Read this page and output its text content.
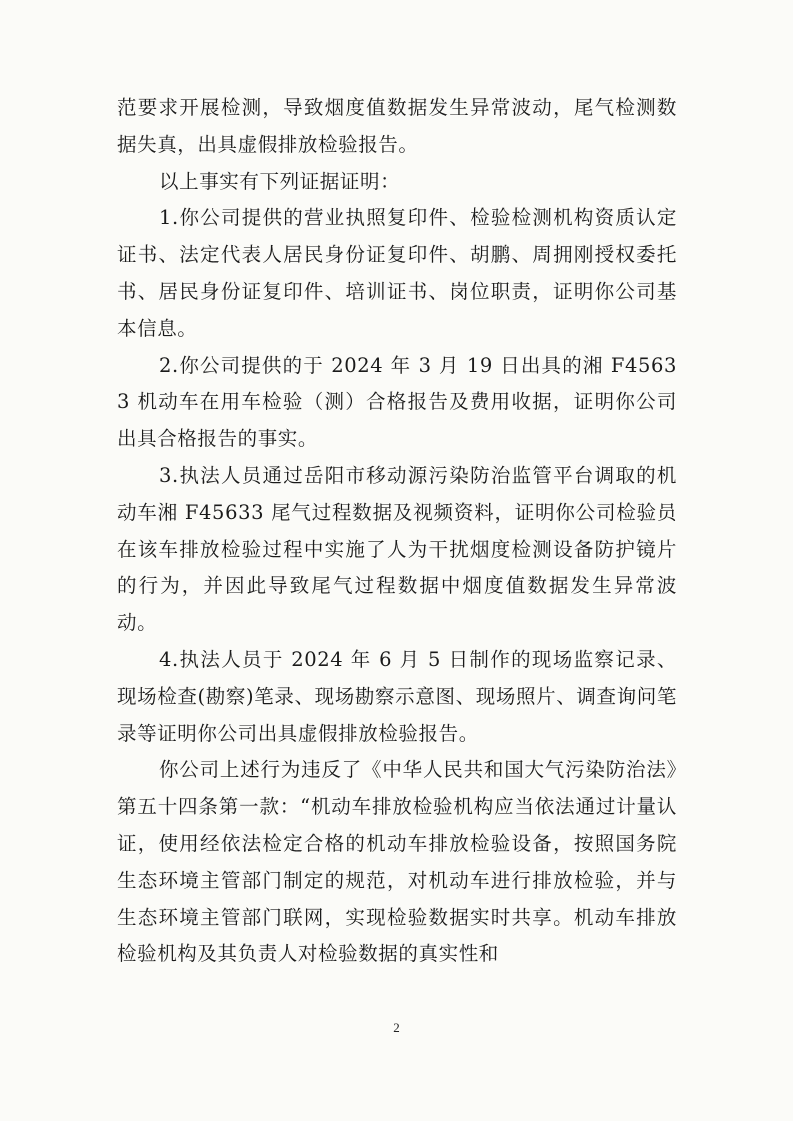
范要求开展检测，导致烟度值数据发生异常波动，尾气检测数据失真，出具虚假排放检验报告。

以上事实有下列证据证明：

1.你公司提供的营业执照复印件、检验检测机构资质认定证书、法定代表人居民身份证复印件、胡鹏、周拥刚授权委托书、居民身份证复印件、培训证书、岗位职责，证明你公司基本信息。

2.你公司提供的于 2024 年 3 月 19 日出具的湘 F45633 机动车在用车检验（测）合格报告及费用收据，证明你公司出具合格报告的事实。

3.执法人员通过岳阳市移动源污染防治监管平台调取的机动车湘 F45633 尾气过程数据及视频资料，证明你公司检验员在该车排放检验过程中实施了人为干扰烟度检测设备防护镜片的行为，并因此导致尾气过程数据中烟度值数据发生异常波动。

4.执法人员于 2024 年 6 月 5 日制作的现场监察记录、现场检查(勘察)笔录、现场勘察示意图、现场照片、调查询问笔录等证明你公司出具虚假排放检验报告。

你公司上述行为违反了《中华人民共和国大气污染防治法》第五十四条第一款：“机动车排放检验机构应当依法通过计量认证，使用经依法检定合格的机动车排放检验设备，按照国务院生态环境主管部门制定的规范，对机动车进行排放检验，并与生态环境主管部门联网，实现检验数据实时共享。机动车排放检验机构及其负责人对检验数据的真实性和

2
